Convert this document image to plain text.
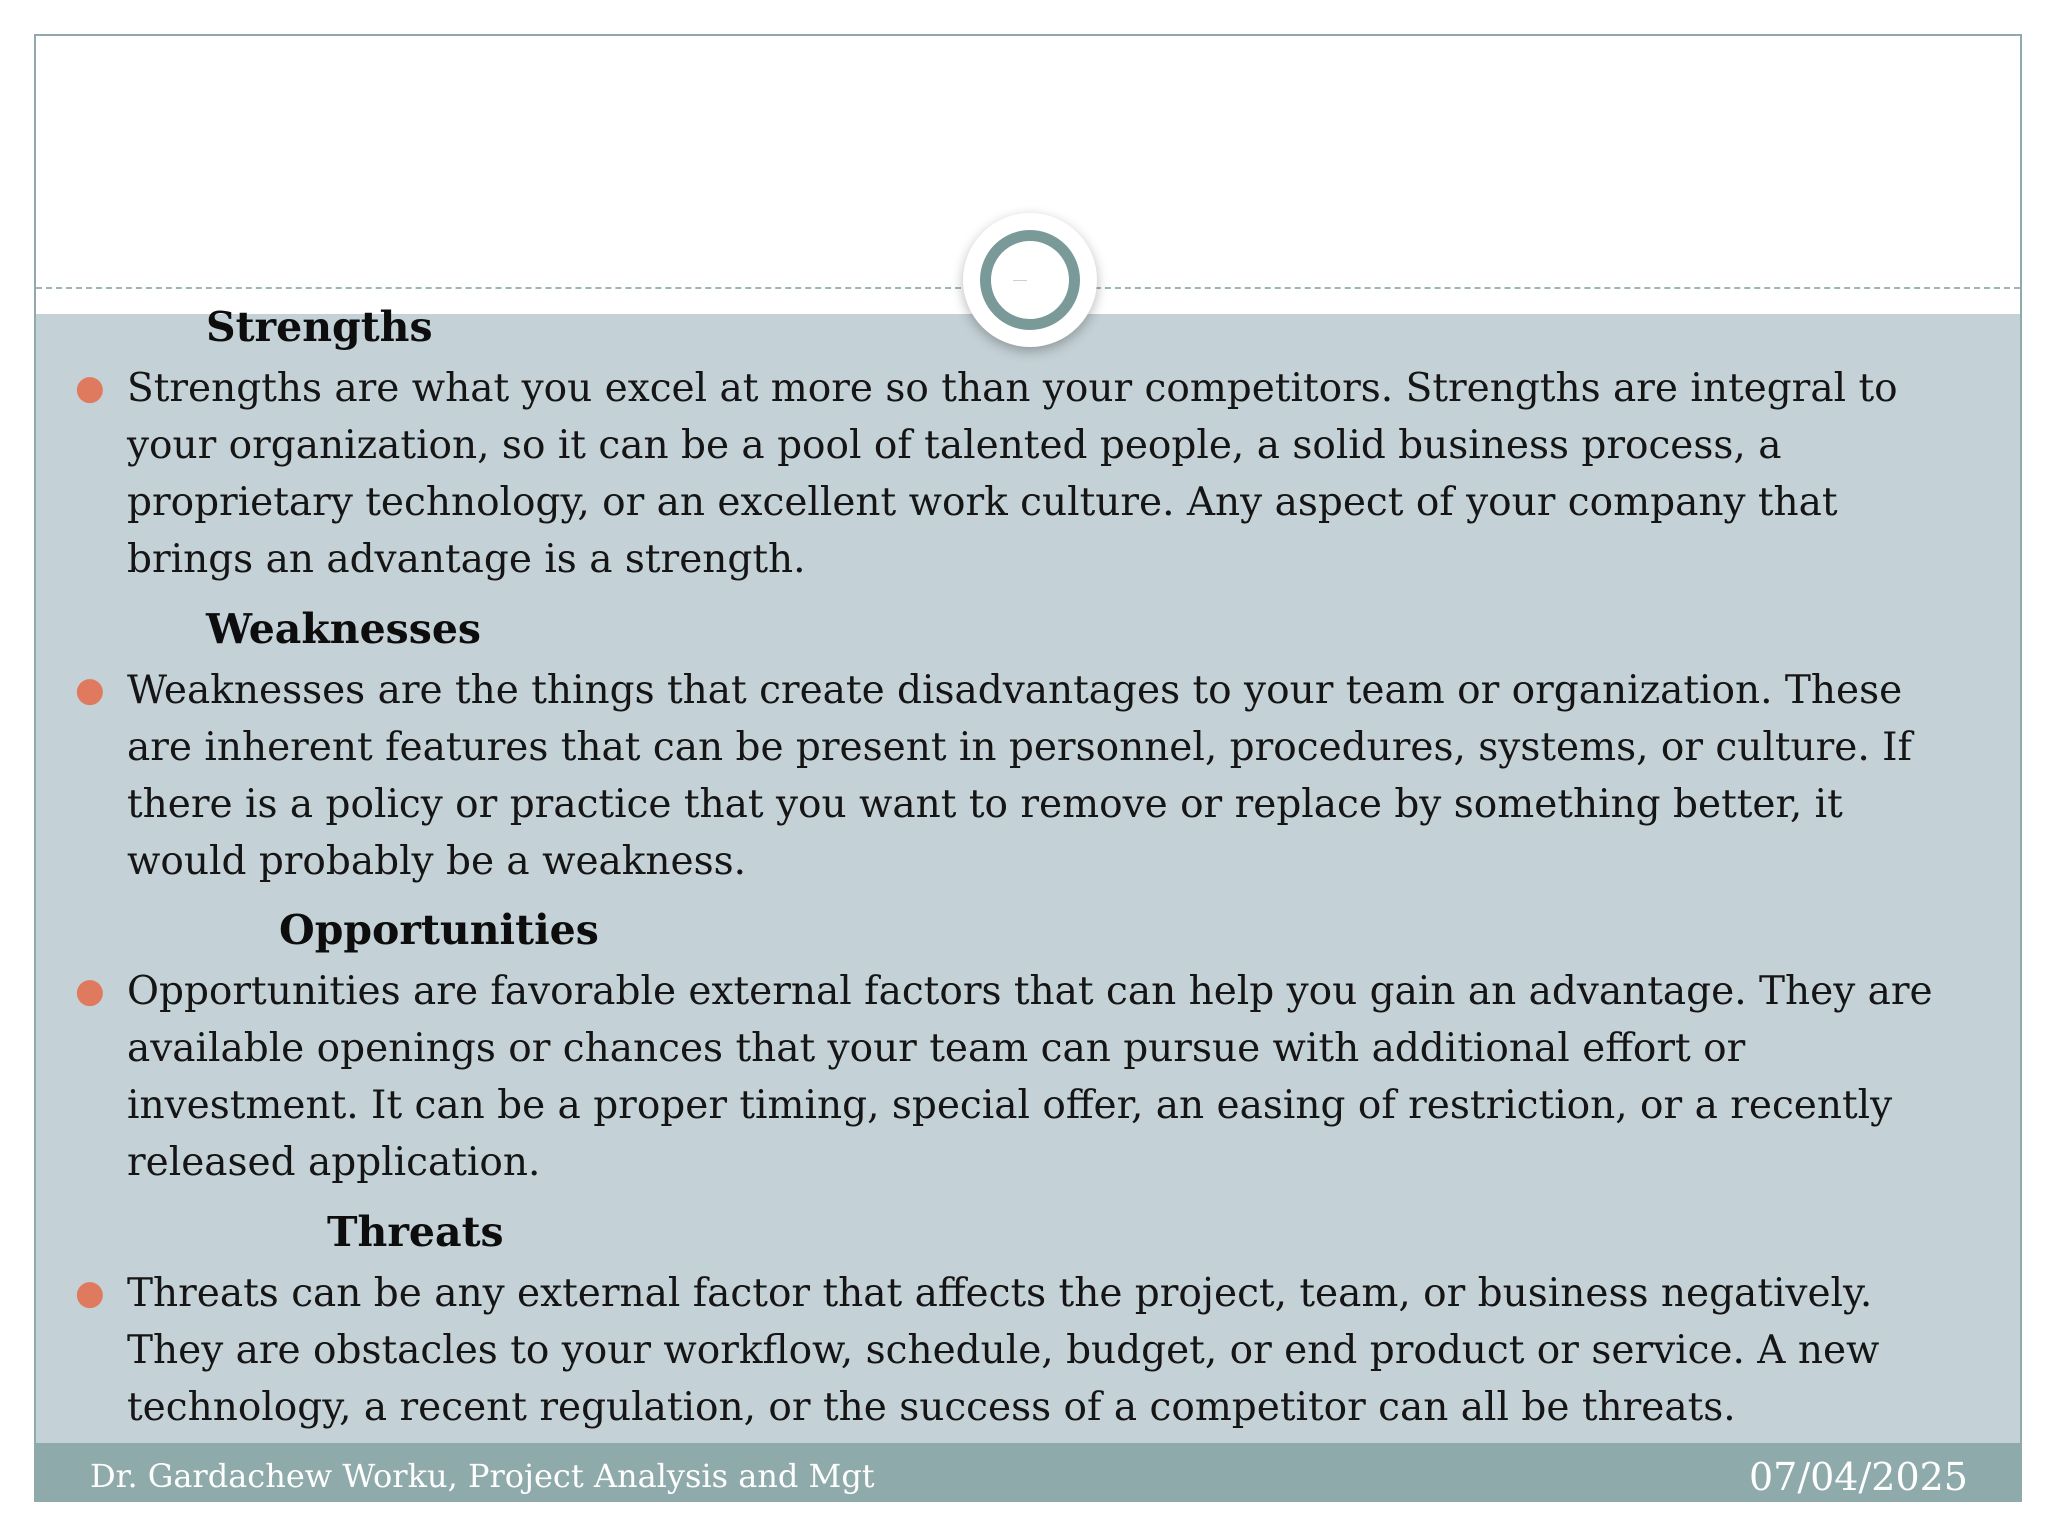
Strengths
● Strengths are what you excel at more so than your competitors. Strengths are integral to
your organization, so it can be a pool of talented people, a solid business process, a
proprietary technology, or an excellent work culture. Any aspect of your company that
brings an advantage is a strength.
Weaknesses
● Weaknesses are the things that create disadvantages to your team or organization. These
are inherent features that can be present in personnel, procedures, systems, or culture. If
there is a policy or practice that you want to remove or replace by something better, it
would probably be a weakness.
Opportunities
● Opportunities are favorable external factors that can help you gain an advantage. They are
available openings or chances that your team can pursue with additional effort or
investment. It can be a proper timing, special offer, an easing of restriction, or a recently
released application.
Threats
● Threats can be any external factor that affects the project, team, or business negatively.
They are obstacles to your workflow, schedule, budget, or end product or service. A new
technology, a recent regulation, or the success of a competitor can all be threats.
Dr. Gardachew Worku, Project Analysis and Mgt	07/04/2025
